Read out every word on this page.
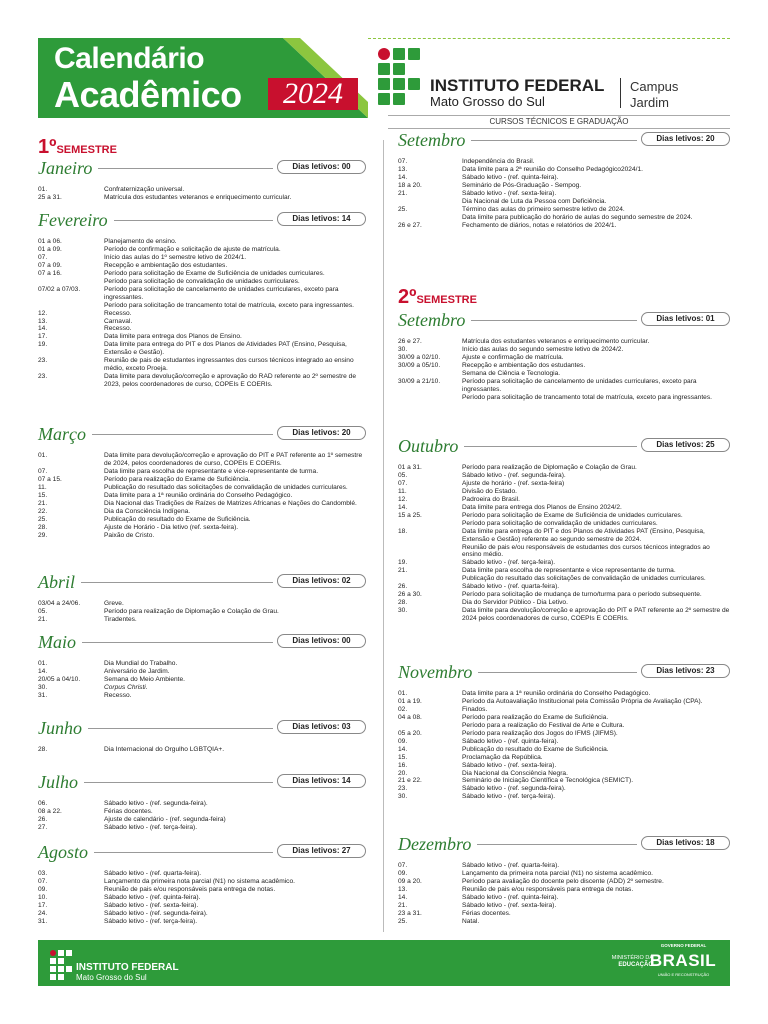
Calendário
Acadêmico	2024	INSTITUTO FEDERAL
Mato Grosso do Sul
Campus
Jardim
CURSOS TÉCNICOS E GRADUAÇÃO
1ºSEMESTRE
2ºSEMESTRE
Janeiro	Dias letivos: 00
01.	Confraternização universal.
25 a 31.	Matrícula dos estudantes veteranos e enriquecimento curricular.
Fevereiro	Dias letivos: 14
01 a 06.	Planejamento de ensino.
01 a 09.	Período de confirmação e solicitação de ajuste de matrícula.
07.	Início das aulas do 1º semestre letivo de 2024/1.
07 a 09.	Recepção e ambientação dos estudantes.
07 a 16.	Período para solicitação de Exame de Suficiência de unidades curriculares.
Período para solicitação de convalidação de unidades curriculares.
07/02 a 07/03.	Período para solicitação de cancelamento de unidades curriculares, exceto para ingressantes.
Período para solicitação de trancamento total de matrícula, exceto para ingressantes.
12.	Recesso.
13.	Carnaval.
14.	Recesso.
17.	Data limite para entrega dos Planos de Ensino.
19.	Data limite para entrega do PIT e dos Planos de Atividades PAT (Ensino, Pesquisa, Extensão e Gestão).
23.	Reunião de pais de estudantes ingressantes dos cursos técnicos integrado ao ensino médio, exceto Proeja.
23.	Data limite para devolução/correção e aprovação do RAD referente ao 2º semestre de 2023, pelos coordenadores de curso, COPEIs E COERIs.
Março	Dias letivos: 20
01.	Data limite para devolução/correção e aprovação do PIT e PAT referente ao 1º semestre de 2024, pelos coordenadores de curso, COPEIs E COERIs.
07.	Data limite para escolha de representante e vice-representante de turma.
07 a 15.	Período para realização do Exame de Suficiência.
11.	Publicação do resultado das solicitações de convalidação de unidades curriculares.
15.	Data limite para a 1ª reunião ordinária do Conselho Pedagógico.
21.	Dia Nacional das Tradições de Raízes de Matrizes Africanas e Nações do Candomblé.
22.	Dia da Consciência Indígena.
25.	Publicação do resultado do Exame de Suficiência.
28.	Ajuste de Horário - Dia letivo (ref. sexta-feira).
29.	Paixão de Cristo.
Abril	Dias letivos: 02
03/04 a 24/06.	Greve.
05.	Período para realização de Diplomação e Colação de Grau.
21.	Tiradentes.
Maio	Dias letivos: 00
01.	Dia Mundial do Trabalho.
14.	Aniversário de Jardim.
20/05 a 04/10.	Semana do Meio Ambiente.
30.	Corpus Christi.
31.	Recesso.
Junho	Dias letivos: 03
28.	Dia Internacional do Orgulho LGBTQIA+.
Julho	Dias letivos: 14
06.	Sábado letivo - (ref. segunda-feira).
08 a 22.	Férias docentes.
26.	Ajuste de calendário - (ref. segunda-feira)
27.	Sábado letivo - (ref. terça-feira).
Agosto	Dias letivos: 27
03.	Sábado letivo - (ref. quarta-feira).
07.	Lançamento da primeira nota parcial (N1) no sistema acadêmico.
09.	Reunião de pais e/ou responsáveis para entrega de notas.
10.	Sábado letivo - (ref. quinta-feira).
17.	Sábado letivo - (ref. sexta-feira).
24.	Sábado letivo - (ref. segunda-feira).
31.	Sábado letivo - (ref. terça-feira).
Setembro	Dias letivos: 20
07.	Independência do Brasil.
13.	Data limite para a 2ª reunião do Conselho Pedagógico2024/1.
14.	Sábado letivo - (ref. quinta-feira).
18 a 20.	Seminário de Pós-Graduação - Sempog.
21.	Sábado letivo - (ref. sexta-feira).
Dia Nacional de Luta da Pessoa com Deficiência.
25.	Término das aulas do primeiro semestre letivo de 2024.
Data limite para publicação do horário de aulas do segundo semestre de 2024.
26 e 27.	Fechamento de diários, notas e relatórios de 2024/1.
Setembro	Dias letivos: 01
26 e 27.	Matrícula dos estudantes veteranos e enriquecimento curricular.
30.	Início das aulas do segundo semestre letivo de 2024/2.
30/09 a 02/10.	Ajuste e confirmação de matrícula.
30/09 a 05/10.	Recepção e ambientação dos estudantes.
Semana de Ciência e Tecnologia.
30/09 a 21/10.	Período para solicitação de cancelamento de unidades curriculares, exceto para ingressantes.
Período para solicitação de trancamento total de matrícula, exceto para ingressantes.
Outubro	Dias letivos: 25
01 a 31.	Período para realização de Diplomação e Colação de Grau.
05.	Sábado letivo - (ref. segunda-feira).
07.	Ajuste de horário - (ref. sexta-feira)
11.	Divisão do Estado.
12.	Padroeira do Brasil.
14.	Data limite para entrega dos Planos de Ensino 2024/2.
15 a 25.	Período para solicitação de Exame de Suficiência de unidades curriculares.
Período para solicitação de convalidação de unidades curriculares.
18.	Data limite para entrega do PIT e dos Planos de Atividades PAT (Ensino, Pesquisa, Extensão e Gestão) referente ao segundo semestre de 2024.
Reunião de pais e/ou responsáveis de estudantes dos cursos técnicos integrados ao ensino médio.
19.	Sábado letivo - (ref. terça-feira).
21.	Data limite para escolha de representante e vice representante de turma.
Publicação do resultado das solicitações de convalidação de unidades curriculares.
26.	Sábado letivo - (ref. quarta-feira).
26 a 30.	Período para solicitação de mudança de turno/turma para o período subsequente.
28.	Dia do Servidor Público - Dia Letivo.
30.	Data limite para devolução/correção e aprovação do PIT e PAT referente ao 2º semestre de 2024 pelos coordenadores de curso, COEPIs E COERIs.
Novembro	Dias letivos: 23
01.	Data limite para a 1ª reunião ordinária do Conselho Pedagógico.
01 a 19.	Período da Autoavaliação Institucional pela Comissão Própria de Avaliação (CPA).
02.	Finados.
04 a 08.	Período para realização do Exame de Suficiência.
Período para a realização do Festival de Arte e Cultura.
05 a 20.	Período para realização dos Jogos do IFMS (JIFMS).
09.	Sábado letivo - (ref. quinta-feira).
14.	Publicação do resultado do Exame de Suficiência.
15.	Proclamação da República.
16.	Sábado letivo - (ref. sexta-feira).
20.	Dia Nacional da Consciência Negra.
21 e 22.	Seminário de Iniciação Científica e Tecnológica (SEMICT).
23.	Sábado letivo - (ref. segunda-feira).
30.	Sábado letivo - (ref. terça-feira).
Dezembro	Dias letivos: 18
07.	Sábado letivo - (ref. quarta-feira).
09.	Lançamento da primeira nota parcial (N1) no sistema acadêmico.
09 a 20.	Período para avaliação do docente pelo discente (ADD) 2º semestre.
13.	Reunião de pais e/ou responsáveis para entrega de notas.
14.	Sábado letivo - (ref. quinta-feira).
21.	Sábado letivo - (ref. sexta-feira).
23 a 31.	Férias docentes.
25.	Natal.
INSTITUTO FEDERAL
Mato Grosso do Sul
MINISTÉRIO DA
EDUCAÇÃO
GOVERNO FEDERAL
BRASIL
UNIÃO E RECONSTRUÇÃO
